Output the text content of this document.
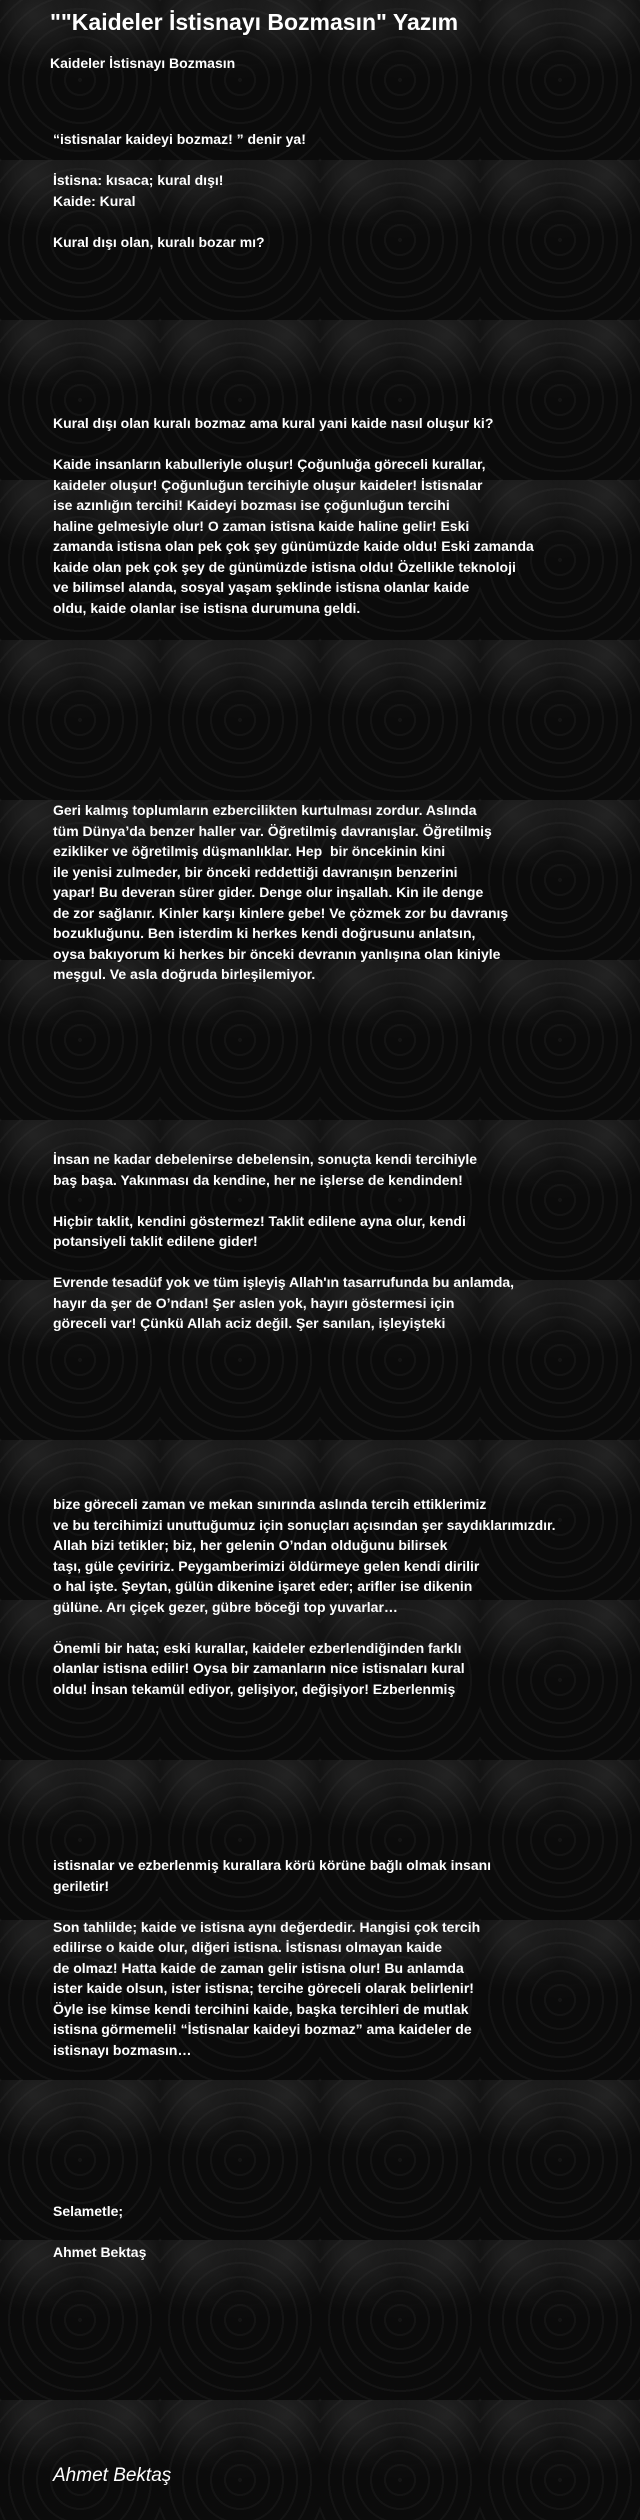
""Kaideler İstisnayı Bozmasın" Yazım

Kaideler İstisnayı Bozmasın

“istisnalar kaideyi bozmaz! ” denir ya!

İstisna: kısaca; kural dışı!
Kaide: Kural

Kural dışı olan, kuralı bozar mı?

Kural dışı olan kuralı bozmaz ama kural yani kaide nasıl oluşur ki?

Kaide insanların kabulleriyle oluşur! Çoğunluğa göreceli kurallar,
kaideler oluşur! Çoğunluğun tercihiyle oluşur kaideler! İstisnalar
ise azınlığın tercihi! Kaideyi bozması ise çoğunluğun tercihi
haline gelmesiyle olur! O zaman istisna kaide haline gelir! Eski
zamanda istisna olan pek çok şey günümüzde kaide oldu! Eski zamanda
kaide olan pek çok şey de günümüzde istisna oldu! Özellikle teknoloji
ve bilimsel alanda, sosyal yaşam şeklinde istisna olanlar kaide
oldu, kaide olanlar ise istisna durumuna geldi.

Geri kalmış toplumların ezbercilikten kurtulması zordur. Aslında
tüm Dünya’da benzer haller var. Öğretilmiş davranışlar. Öğretilmiş
ezikliker ve öğretilmiş düşmanlıklar. Hep  bir öncekinin kini
ile yenisi zulmeder, bir önceki reddettiği davranışın benzerini
yapar! Bu deveran sürer gider. Denge olur inşallah. Kin ile denge
de zor sağlanır. Kinler karşı kinlere gebe! Ve çözmek zor bu davranış
bozukluğunu. Ben isterdim ki herkes kendi doğrusunu anlatsın,
oysa bakıyorum ki herkes bir önceki devranın yanlışına olan kiniyle
meşgul. Ve asla doğruda birleşilemiyor.

İnsan ne kadar debelenirse debelensin, sonuçta kendi tercihiyle
baş başa. Yakınması da kendine, her ne işlerse de kendinden!

Hiçbir taklit, kendini göstermez! Taklit edilene ayna olur, kendi
potansiyeli taklit edilene gider!

Evrende tesadüf yok ve tüm işleyiş Allah'ın tasarrufunda bu anlamda,
hayır da şer de O’ndan! Şer aslen yok, hayırı göstermesi için
göreceli var! Çünkü Allah aciz değil. Şer sanılan, işleyişteki

bize göreceli zaman ve mekan sınırında aslında tercih ettiklerimiz
ve bu tercihimizi unuttuğumuz için sonuçları açısından şer saydıklarımızdır.
Allah bizi tetikler; biz, her gelenin O’ndan olduğunu bilirsek
taşı, güle çeviririz. Peygamberimizi öldürmeye gelen kendi dirilir
o hal işte. Şeytan, gülün dikenine işaret eder; arifler ise dikenin
gülüne. Arı çiçek gezer, gübre böceği top yuvarlar…

Önemli bir hata; eski kurallar, kaideler ezberlendiğinden farklı
olanlar istisna edilir! Oysa bir zamanların nice istisnaları kural
oldu! İnsan tekamül ediyor, gelişiyor, değişiyor! Ezberlenmiş

istisnalar ve ezberlenmiş kurallara körü körüne bağlı olmak insanı
geriletir!

Son tahlilde; kaide ve istisna aynı değerdedir. Hangisi çok tercih
edilirse o kaide olur, diğeri istisna. İstisnası olmayan kaide
de olmaz! Hatta kaide de zaman gelir istisna olur! Bu anlamda
ister kaide olsun, ister istisna; tercihe göreceli olarak belirlenir!
Öyle ise kimse kendi tercihini kaide, başka tercihleri de mutlak
istisna görmemeli! “İstisnalar kaideyi bozmaz” ama kaideler de
istisnayı bozmasın…

Selametle;

Ahmet Bektaş

Ahmet Bektaş
